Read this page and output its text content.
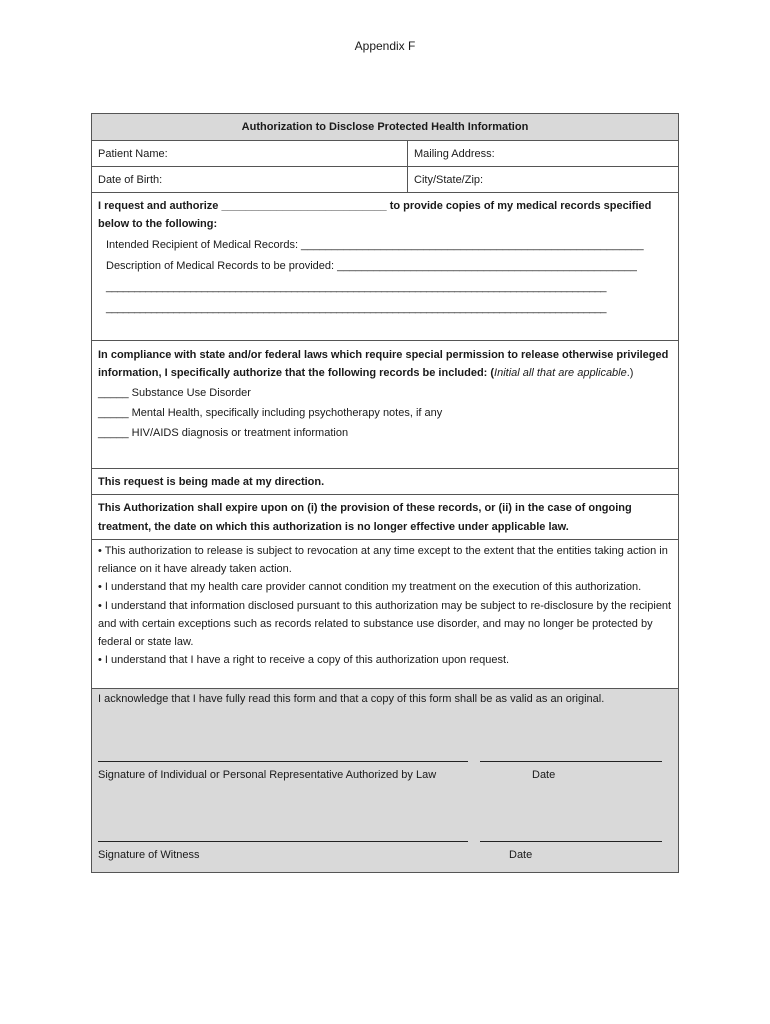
Appendix F
Authorization to Disclose Protected Health Information
Patient Name:	Mailing Address:
Date of Birth:	City/State/Zip:
I request and authorize ___________________________ to provide copies of my medical records specified
below to the following:
Intended Recipient of Medical Records: ________________________________________________________
Description of Medical Records to be provided: _________________________________________________
_________________________________________________________________________________________
_________________________________________________________________________________________
In compliance with state and/or federal laws which require special permission to release otherwise privileged information, I specifically authorize that the following records be included: (Initial all that are applicable.)
_____ Substance Use Disorder
_____ Mental Health, specifically including psychotherapy notes, if any
_____ HIV/AIDS diagnosis or treatment information
This request is being made at my direction.
This Authorization shall expire upon on (i) the provision of these records, or (ii) in the case of ongoing treatment, the date on which this authorization is no longer effective under applicable law.
• This authorization to release is subject to revocation at any time except to the extent that the entities taking action in reliance on it have already taken action.
• I understand that my health care provider cannot condition my treatment on the execution of this authorization.
• I understand that information disclosed pursuant to this authorization may be subject to re-disclosure by the recipient and with certain exceptions such as records related to substance use disorder, and may no longer be protected by federal or state law.
• I understand that I have a right to receive a copy of this authorization upon request.
I acknowledge that I have fully read this form and that a copy of this form shall be as valid as an original.
Signature of Individual or Personal Representative Authorized by Law	Date
Signature of Witness	Date
